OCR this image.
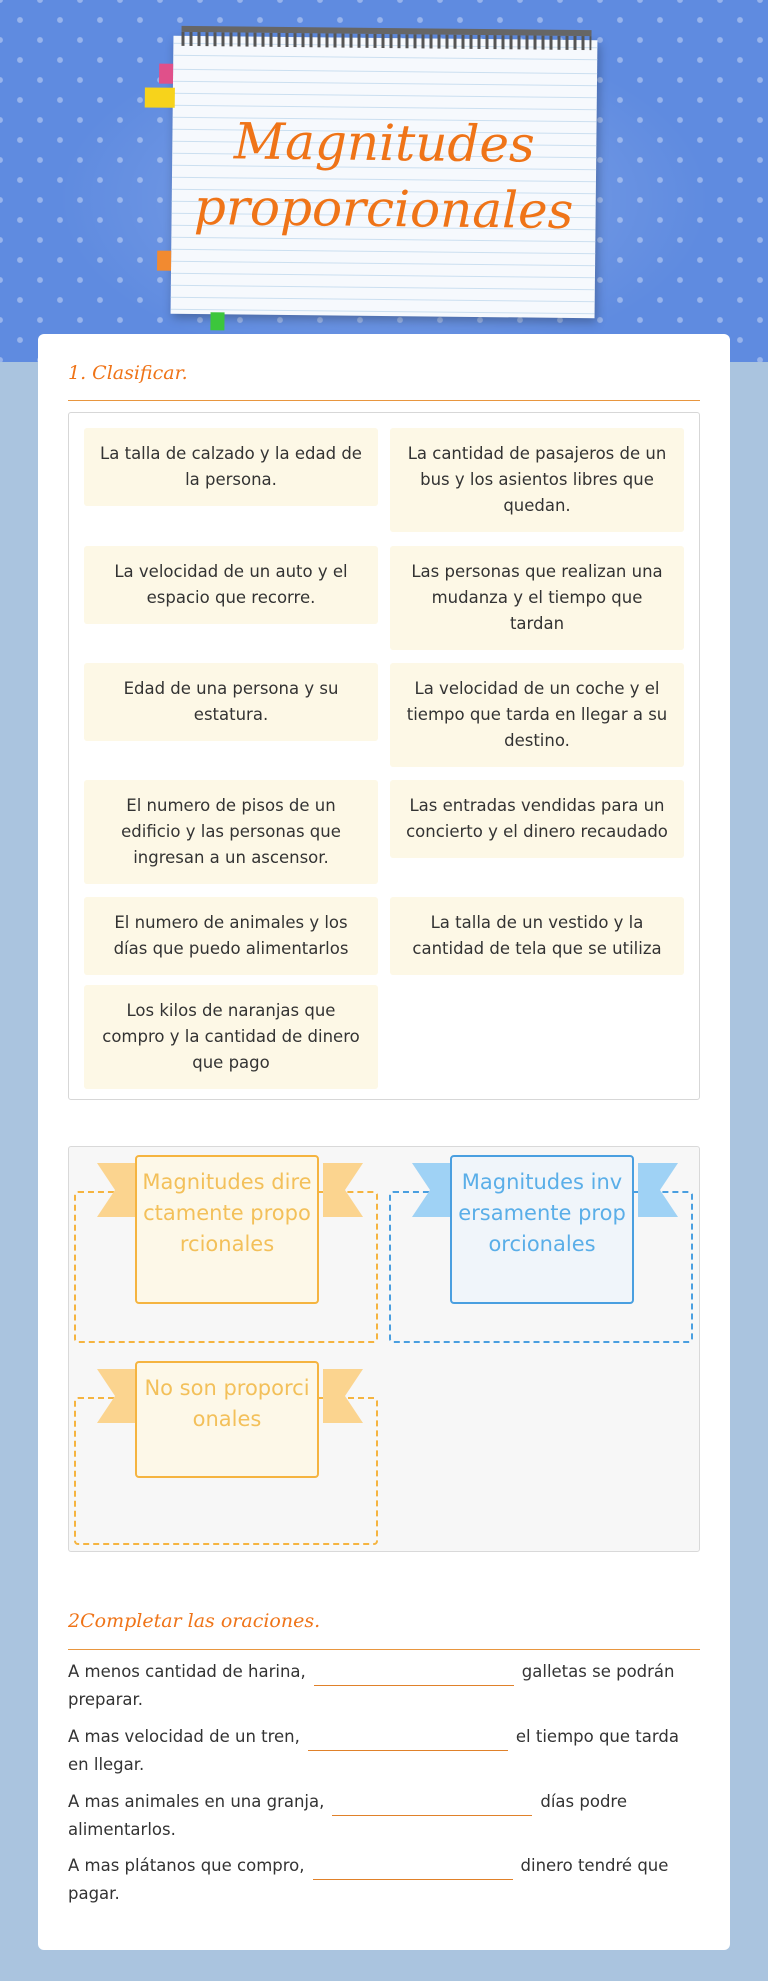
Magnitudes
proporcionales
1. Clasificar.
La talla de calzado y la edad de la persona.
La cantidad de pasajeros de un bus y los asientos libres que quedan.
La velocidad de un auto y el espacio que recorre.
Las personas que realizan una mudanza y el tiempo que tardan
Edad de una persona y su estatura.
La velocidad de un coche y el tiempo que tarda en llegar a su destino.
El numero de pisos de un edificio y las personas que ingresan a un ascensor.
Las entradas vendidas para un concierto y el dinero recaudado
El numero de animales y los días que puedo alimentarlos
La talla de un vestido y la cantidad de tela que se utiliza
Los kilos de naranjas que compro y la cantidad de dinero que pago
Magnitudes directamente proporcionales
Magnitudes inversamente proporcionales
No son proporcionales
2Completar las oraciones.
A menos cantidad de harina,	galletas se podrán preparar.
A mas velocidad de un tren,	el tiempo que tarda en llegar.
A mas animales en una granja,	días podre alimentarlos.
A mas plátanos que compro,	dinero tendré que pagar.
